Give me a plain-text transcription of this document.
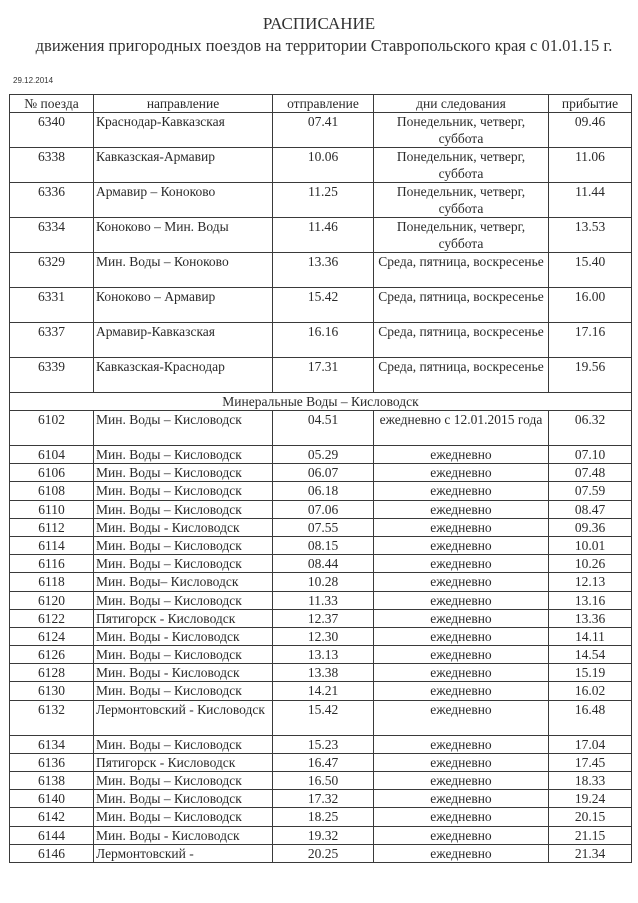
РАСПИСАНИЕ
движения пригородных поездов на территории Ставропольского края с 01.01.15 г.
29.12.2014
№ поезда	направление	отправление	дни следования	прибытие
6340	Краснодар-Кавказская	07.41	Понедельник, четверг, суббота	09.46
6338	Кавказская-Армавир	10.06	Понедельник, четверг, суббота	11.06
6336	Армавир – Коноково	11.25	Понедельник, четверг, суббота	11.44
6334	Коноково – Мин. Воды	11.46	Понедельник, четверг, суббота	13.53
6329	Мин. Воды – Коноково	13.36	Среда, пятница, воскресенье	15.40
6331	Коноково – Армавир	15.42	Среда, пятница, воскресенье	16.00
6337	Армавир-Кавказская	16.16	Среда, пятница, воскресенье	17.16
6339	Кавказская-Краснодар	17.31	Среда, пятница, воскресенье	19.56
Минеральные Воды – Кисловодск				
6102	Мин. Воды – Кисловодск	04.51	ежедневно с 12.01.2015 года	06.32
6104	Мин. Воды – Кисловодск	05.29	ежедневно	07.10
6106	Мин. Воды – Кисловодск	06.07	ежедневно	07.48
6108	Мин. Воды – Кисловодск	06.18	ежедневно	07.59
6110	Мин. Воды – Кисловодск	07.06	ежедневно	08.47
6112	Мин. Воды - Кисловодск	07.55	ежедневно	09.36
6114	Мин. Воды – Кисловодск	08.15	ежедневно	10.01
6116	Мин. Воды – Кисловодск	08.44	ежедневно	10.26
6118	Мин. Воды– Кисловодск	10.28	ежедневно	12.13
6120	Мин. Воды – Кисловодск	11.33	ежедневно	13.16
6122	Пятигорск - Кисловодск	12.37	ежедневно	13.36
6124	Мин. Воды - Кисловодск	12.30	ежедневно	14.11
6126	Мин. Воды – Кисловодск	13.13	ежедневно	14.54
6128	Мин. Воды - Кисловодск	13.38	ежедневно	15.19
6130	Мин. Воды – Кисловодск	14.21	ежедневно	16.02
6132	Лермонтовский - Кисловодск	15.42	ежедневно	16.48
6134	Мин. Воды – Кисловодск	15.23	ежедневно	17.04
6136	Пятигорск - Кисловодск	16.47	ежедневно	17.45
6138	Мин. Воды – Кисловодск	16.50	ежедневно	18.33
6140	Мин. Воды – Кисловодск	17.32	ежедневно	19.24
6142	Мин. Воды – Кисловодск	18.25	ежедневно	20.15
6144	Мин. Воды - Кисловодск	19.32	ежедневно	21.15
6146	Лермонтовский -	20.25	ежедневно	21.34
